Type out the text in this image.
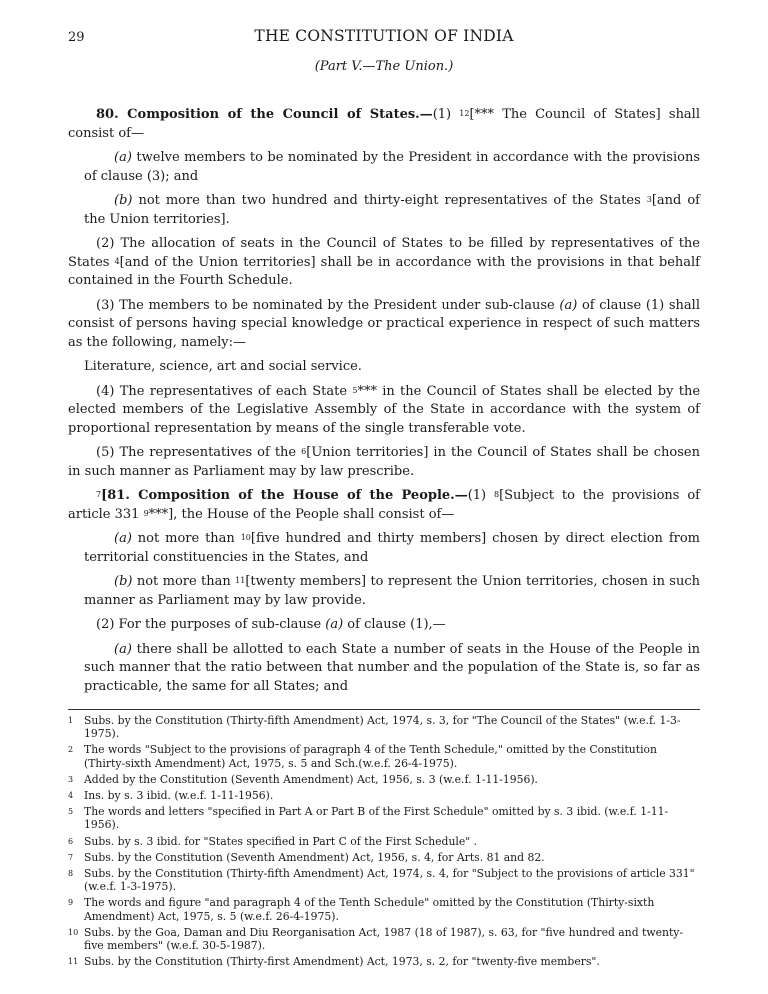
29	THE CONSTITUTION OF INDIA
(Part V.—The Union.)

80. Composition of the Council of States.—(1) $^{12}$[*** The Council of States] shall consist of—

(a) twelve members to be nominated by the President in accordance with the provisions of clause (3); and

(b) not more than two hundred and thirty-eight representatives of the States $^3$[and of the Union territories].

(2) The allocation of seats in the Council of States to be filled by representatives of the States $^4$[and of the Union territories] shall be in accordance with the provisions in that behalf contained in the Fourth Schedule.

(3) The members to be nominated by the President under sub-clause (a) of clause (1) shall consist of persons having special knowledge or practical experience in respect of such matters as the following, namely:—

Literature, science, art and social service.

(4) The representatives of each State $^5$*** in the Council of States shall be elected by the elected members of the Legislative Assembly of the State in accordance with the system of proportional representation by means of the single transferable vote.

(5) The representatives of the $^6$[Union territories] in the Council of States shall be chosen in such manner as Parliament may by law prescribe.

$^7$[81. Composition of the House of the People.—(1) $^8$[Subject to the provisions of article 331 $^9$***], the House of the People shall consist of—

(a) not more than $^{10}$[five hundred and thirty members] chosen by direct election from territorial constituencies in the States, and

(b) not more than $^{11}$[twenty members] to represent the Union territories, chosen in such manner as Parliament may by law provide.

(2) For the purposes of sub-clause (a) of clause (1),—

(a) there shall be allotted to each State a number of seats in the House of the People in such manner that the ratio between that number and the population of the State is, so far as practicable, the same for all States; and

1	Subs. by the Constitution (Thirty-fifth Amendment) Act, 1974, s. 3, for "The Council of the States" (w.e.f. 1-3-1975).
2	The words "Subject to the provisions of paragraph 4 of the Tenth Schedule," omitted by the Constitution (Thirty-sixth Amendment) Act, 1975, s. 5 and Sch.(w.e.f. 26-4-1975).
3	Added by the Constitution (Seventh Amendment) Act, 1956, s. 3 (w.e.f. 1-11-1956).
4	Ins. by s. 3 ibid. (w.e.f. 1-11-1956).
5	The words and letters "specified in Part A or Part B of the First Schedule" omitted by s. 3 ibid. (w.e.f. 1-11-1956).
6	Subs. by s. 3 ibid. for "States specified in Part C of the First Schedule" .
7	Subs. by the Constitution (Seventh Amendment) Act, 1956, s. 4, for Arts. 81 and 82.
8	Subs. by the Constitution (Thirty-fifth Amendment) Act, 1974, s. 4, for "Subject to the provisions of article 331" (w.e.f. 1-3-1975).
9	The words and figure "and paragraph 4 of the Tenth Schedule" omitted by the Constitution (Thirty-sixth Amendment) Act, 1975, s. 5 (w.e.f. 26-4-1975).
10 Subs. by the Goa, Daman and Diu Reorganisation Act, 1987 (18 of 1987), s. 63, for "five hundred and twenty-five members" (w.e.f. 30-5-1987).
11 Subs. by the Constitution (Thirty-first Amendment) Act, 1973, s. 2, for "twenty-five members".
